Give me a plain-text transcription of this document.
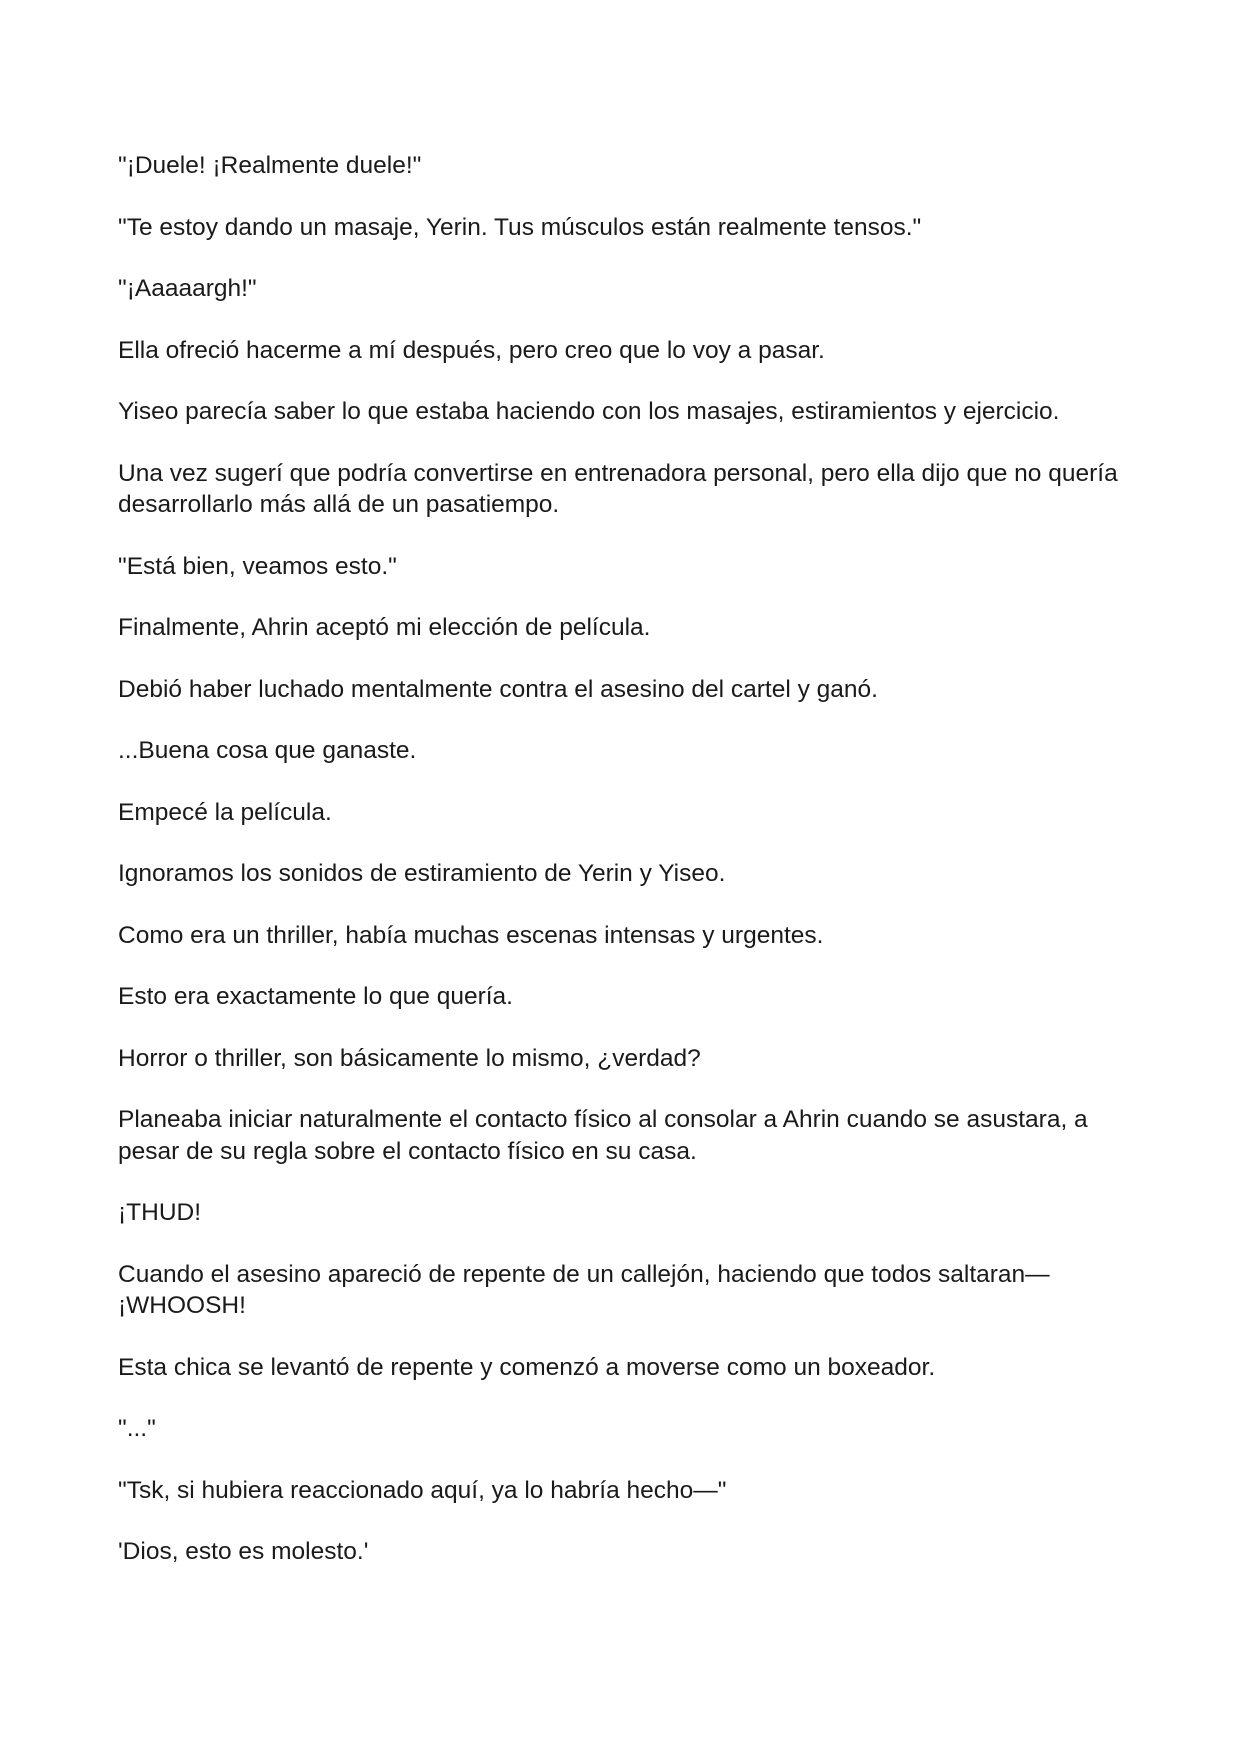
"¡Duele! ¡Realmente duele!"

"Te estoy dando un masaje, Yerin. Tus músculos están realmente tensos."

"¡Aaaaargh!"

Ella ofreció hacerme a mí después, pero creo que lo voy a pasar.

Yiseo parecía saber lo que estaba haciendo con los masajes, estiramientos y ejercicio.

Una vez sugerí que podría convertirse en entrenadora personal, pero ella dijo que no quería desarrollarlo más allá de un pasatiempo.

"Está bien, veamos esto."

Finalmente, Ahrin aceptó mi elección de película.

Debió haber luchado mentalmente contra el asesino del cartel y ganó.

...Buena cosa que ganaste.

Empecé la película.

Ignoramos los sonidos de estiramiento de Yerin y Yiseo.

Como era un thriller, había muchas escenas intensas y urgentes.

Esto era exactamente lo que quería.

Horror o thriller, son básicamente lo mismo, ¿verdad?

Planeaba iniciar naturalmente el contacto físico al consolar a Ahrin cuando se asustara, a pesar de su regla sobre el contacto físico en su casa.

¡THUD!

Cuando el asesino apareció de repente de un callejón, haciendo que todos saltaran— ¡WHOOSH!

Esta chica se levantó de repente y comenzó a moverse como un boxeador.

"..."

"Tsk, si hubiera reaccionado aquí, ya lo habría hecho—"

'Dios, esto es molesto.'
